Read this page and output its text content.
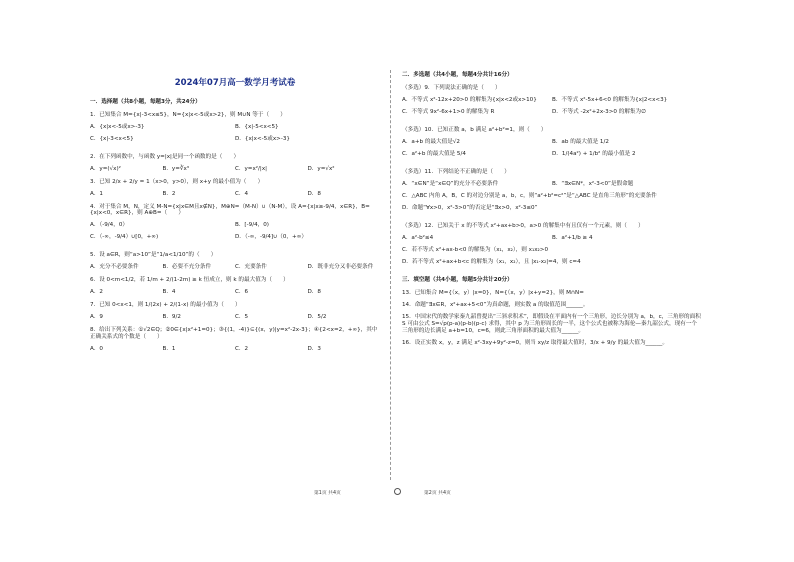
2024年07月高一数学月考试卷
一．选择题（共8小题，每题3分，共24分）
1．已知集合 M={x|-3<x≤5}，N={x|x<-5或x>2}，则 M∪N 等于（　　）
A．{x|x<-5或x>-3}	B．{x|-5<x<5}
C．{x|-3<x<5}	D．{x|x<-5或x>-3}
2．在下列函数中，与函数 y=|x|是同一个函数的是（　　）
A．y=(√x)²	B．y=∛x³	C．y=x²/|x|	D．y=√x²
3．已知 2/x + 2/y = 1（x>0，y>0），则 x+y 的最小值为（　　）
A．1	B．2	C．4	D．8
4．对于集合 M，N，定义 M-N={x|x∈M且x∉N}，M⊕N=（M-N）∪（N-M），设 A={x|x≥-9/4，x∈R}，B={x|x<0，x∈R}，则 A⊕B=（　　）
A．（-9/4，0）	B．[-9/4，0)
C．（-∞，-9/4）∪[0，+∞)	D．（-∞，-9/4]∪（0，+∞）
5．设 a∈R，则“a>10”是“1/a<1/10”的（　　）
A．充分不必要条件	B．必要不充分条件	C．充要条件	D．既非充分又非必要条件
6．设 0<m<1/2，若 1/m + 2/(1-2m) ≥ k 恒成立，则 k 的最大值为（　　）
A．2	B．4	C．6	D．8
7．已知 0<x<1，则 1/(2x) + 2/(1-x) 的最小值为（　　）
A．9	B．9/2	C．5	D．5/2
8．给出下列关系：①√2∈Q；②0∈{x|x²+1=0}；③{(1，-4)}⊆{(x，y)|y=x²-2x-3}；④{2<x=2，+∞}，其中正确关系式的个数是（　　）
A．0	B．1	C．2	D．3
二．多选题（共4小题，每题4分共计16分）
（多选）9．下列说法正确的是（　　）
A．不等式 x²-12x+20>0 的解集为{x|x<2或x>10}	B．不等式 x²-5x+6<0 的解集为{x|2<x<3}
C．不等式 9x²-6x+1>0 的解集为 R	D．不等式 -2x²+2x-3>0 的解集为∅
（多选）10．已知正数 a，b 满足 a²+b²=1，则（　　）
A．a+b 的最大值是√2	B．ab 的最大值是 1/2
C．a²+b 的最大值是 5/4	D．1/(4a²) + 1/b² 的最小值是 2
（多选）11．下列结论不正确的是（　　）
A．“x∈N”是“x∈Q”的充分不必要条件	B．“∃x∈N*，x²-3<0”是假命题
C．△ABC 内角 A，B，C 的对边分别是 a，b，c，则“a²+b²=c²”是“△ABC 是直角三角形”的充要条件
D．命题“∀x>0，x²-3>0”的否定是“∃x>0，x²-3≤0”
（多选）12．已知关于 x 的不等式 x²+ax+b>0，a>0 的解集中有且仅有一个元素，则（　　）
A．a²-b²≤4	B．a²+1/b ≥ 4
C．若不等式 x²+ax-b<0 的解集为（x₁，x₂），则 x₁x₂>0
D．若不等式 x²+ax+b<c 的解集为（x₁，x₂），且 |x₁-x₂|=4，则 c=4
三．填空题（共4小题，每题5分共计20分）
13．已知集合 M={（x，y）|x=0}，N={（x，y）|x+y=2}，则 M∩N=
14．命题“∃x∈R，x²+ax+5<0”为真命题，则实数 a 的取值范围______。
15．中国宋代的数学家秦九韶曾提出“三斜求积术”，即假设在平面内有一个三角形，边长分别为 a，b，c，三角形的面积 S 可由公式 S=√p(p-a)(p-b)(p-c) 求得，其中 p 为三角形周长的一半，这个公式也被称为海伦—秦九韶公式，现有一个三角形的边长满足 a+b=10，c=6，则此三角形面积的最大值为______。
16．设正实数 x，y，z 满足 x²-3xy+9y²-z=0，则当 xy/z 取得最大值时，3/x + 9/y 的最大值为______。
第1页 共4页	第2页 共4页
